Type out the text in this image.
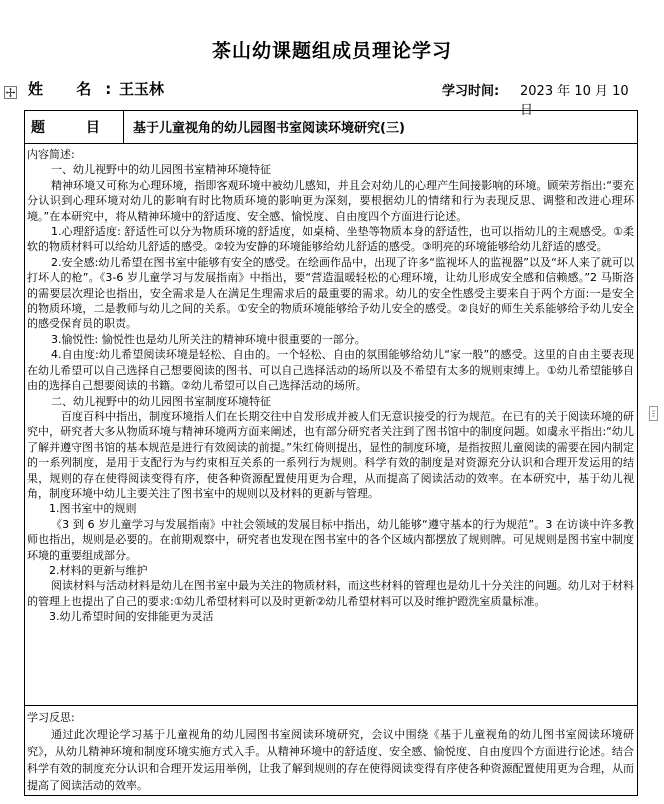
茶山幼课题组成员理论学习
姓 名:
王玉林	学习时间: 2023 年 10 月 10 日
题 目 基于儿童视角的幼儿园图书室阅读环境研究(三)

内容简述:

一、幼儿视野中的幼儿园图书室精神环境特征

精神环境又可称为心理环境，指即客观环境中被幼儿感知，并且会对幼儿的心理产生间接影响的环境。顾荣芳指出:“要充分认识到心理环境对幼儿的影响有时比物质环境的影响更为深刻，要根据幼儿的情绪和行为表现反思、调整和改进心理环境。”在本研究中，将从精神环境中的舒适度、安全感、愉悦度、自由度四个方面进行论述。

1.心理舒适度: 舒适性可以分为物质环境的舒适度，如桌椅、坐垫等物质本身的舒适性，也可以指幼儿的主观感受。①柔软的物质材料可以给幼儿舒适的感受。②较为安静的环境能够给幼儿舒适的感受。③明亮的环境能够给幼儿舒适的感受。

2.安全感:幼儿希望在图书室中能够有安全的感受。在绘画作品中，出现了许多“监视坏人的监视器”以及“坏人来了就可以打坏人的枪”。《3-6 岁儿童学习与发展指南》中指出，要“营造温暖轻松的心理环境，让幼儿形成安全感和信赖感。”2 马斯洛的需要层次理论也指出，安全需求是人在满足生理需求后的最重要的需求。幼儿的安全性感受主要来自于两个方面:一是安全的物质环境，二是教师与幼儿之间的关系。①安全的物质环境能够给予幼儿安全的感受。②良好的师生关系能够给予幼儿安全的感受保育员的职责。

3.愉悦性: 愉悦性也是幼儿所关注的精神环境中很重要的一部分。

4.自由度:幼儿希望阅读环境是轻松、自由的。一个轻松、自由的氛围能够给幼儿“家一般”的感受。这里的自由主要表现在幼儿希望可以自己选择自己想要阅读的图书、可以自己选择活动的场所以及不希望有太多的规则束缚上。①幼儿希望能够自由的选择自己想要阅读的书籍。②幼儿希望可以自己选择活动的场所。

二、幼儿视野中的幼儿园图书室制度环境特征

百度百科中指出，制度环境指人们在长期交往中自发形成并被人们无意识接受的行为规范。在已有的关于阅读环境的研究中，研究者大多从物质环境与精神环境两方面来阐述，也有部分研究者关注到了图书馆中的制度问题。如虞永平指出:“幼儿了解并遵守图书馆的基本规范是进行有效阅读的前提。”朱红倚则提出，显性的制度环境，是指按照儿童阅读的需要在园内制定的一系列制度，是用于支配行为与约束相互关系的一系列行为规则。科学有效的制度是对资源充分认识和合理开发运用的结果，规则的存在使得阅读变得有序，使各种资源配置使用更为合理，从而提高了阅读活动的效率。在本研究中，基于幼儿视角，制度环境中幼儿主要关注了图书室中的规则以及材料的更新与管理。

1.图书室中的规则

《3 到 6 岁儿童学习与发展指南》中社会领域的发展目标中指出，幼儿能够“遵守基本的行为规范”。3 在访谈中许多教师也指出，规则是必要的。在前期观察中，研究者也发现在图书室中的各个区域内都摆放了规则牌。可见规则是图书室中制度环境的重要组成部分。

2.材料的更新与维护

阅读材料与活动材料是幼儿在图书室中最为关注的物质材料，而这些材料的管理也是幼儿十分关注的问题。幼儿对于材料的管理上也提出了自己的要求:①幼儿希望材料可以及时更新②幼儿希望材料可以及时维护蹬洗室质量标准。

3.幼儿希望时间的安排能更为灵活

学习反思:

通过此次理论学习基于儿童视角的幼儿园图书室阅读环境研究，会议中围绕《基于儿童视角的幼儿图书室阅读环境研究》，从幼儿精神环境和制度环境实施方式入手。从精神环境中的舒适度、安全感、愉悦度、自由度四个方面进行论述。结合科学有效的制度充分认识和合理开发运用举例，让我了解到规则的存在使得阅读变得有序使各种资源配置使用更为合理，从而提高了阅读活动的效率。
